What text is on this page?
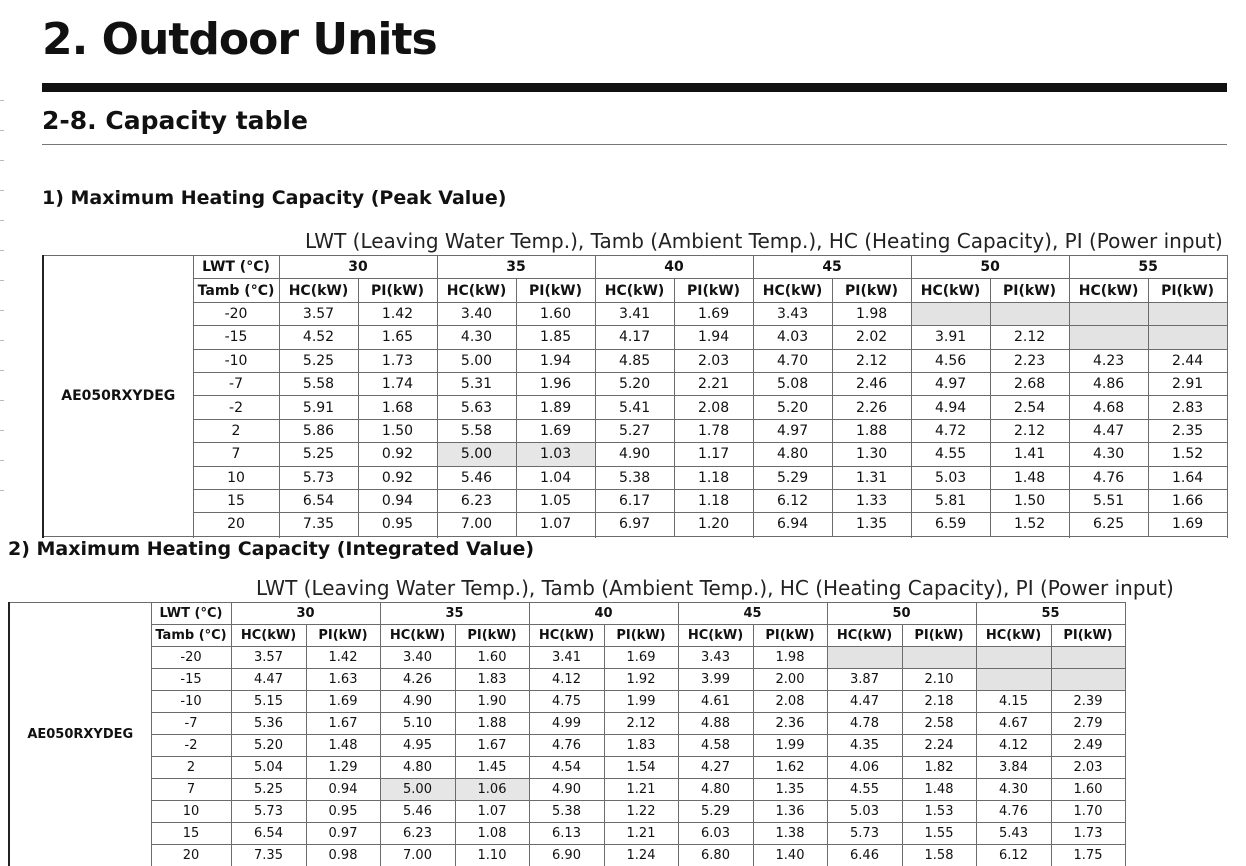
2. Outdoor Units
2-8. Capacity table
1) Maximum Heating Capacity (Peak Value)
LWT (Leaving Water Temp.), Tamb (Ambient Temp.), HC (Heating Capacity), PI (Power input)
AE050RXYDEG	LWT (°C)	30		35		40		45		50		55	
	Tamb (°C)	HC(kW)	PI(kW)	HC(kW)	PI(kW)	HC(kW)	PI(kW)	HC(kW)	PI(kW)	HC(kW)	PI(kW)	HC(kW)	PI(kW)
	-20	3.57	1.42	3.40	1.60	3.41	1.69	3.43	1.98				
	-15	4.52	1.65	4.30	1.85	4.17	1.94	4.03	2.02	3.91	2.12		
	-10	5.25	1.73	5.00	1.94	4.85	2.03	4.70	2.12	4.56	2.23	4.23	2.44
	-7	5.58	1.74	5.31	1.96	5.20	2.21	5.08	2.46	4.97	2.68	4.86	2.91
	-2	5.91	1.68	5.63	1.89	5.41	2.08	5.20	2.26	4.94	2.54	4.68	2.83
	2	5.86	1.50	5.58	1.69	5.27	1.78	4.97	1.88	4.72	2.12	4.47	2.35
	7	5.25	0.92	5.00	1.03	4.90	1.17	4.80	1.30	4.55	1.41	4.30	1.52
	10	5.73	0.92	5.46	1.04	5.38	1.18	5.29	1.31	5.03	1.48	4.76	1.64
	15	6.54	0.94	6.23	1.05	6.17	1.18	6.12	1.33	5.81	1.50	5.51	1.66
	20	7.35	0.95	7.00	1.07	6.97	1.20	6.94	1.35	6.59	1.52	6.25	1.69

2) Maximum Heating Capacity (Integrated Value)
LWT (Leaving Water Temp.), Tamb (Ambient Temp.), HC (Heating Capacity), PI (Power input)
AE050RXYDEG	LWT (°C)	30		35		40		45		50		55	
	Tamb (°C)	HC(kW)	PI(kW)	HC(kW)	PI(kW)	HC(kW)	PI(kW)	HC(kW)	PI(kW)	HC(kW)	PI(kW)	HC(kW)	PI(kW)
	-20	3.57	1.42	3.40	1.60	3.41	1.69	3.43	1.98				
	-15	4.47	1.63	4.26	1.83	4.12	1.92	3.99	2.00	3.87	2.10		
	-10	5.15	1.69	4.90	1.90	4.75	1.99	4.61	2.08	4.47	2.18	4.15	2.39
	-7	5.36	1.67	5.10	1.88	4.99	2.12	4.88	2.36	4.78	2.58	4.67	2.79
	-2	5.20	1.48	4.95	1.67	4.76	1.83	4.58	1.99	4.35	2.24	4.12	2.49
	2	5.04	1.29	4.80	1.45	4.54	1.54	4.27	1.62	4.06	1.82	3.84	2.03
	7	5.25	0.94	5.00	1.06	4.90	1.21	4.80	1.35	4.55	1.48	4.30	1.60
	10	5.73	0.95	5.46	1.07	5.38	1.22	5.29	1.36	5.03	1.53	4.76	1.70
	15	6.54	0.97	6.23	1.08	6.13	1.21	6.03	1.38	5.73	1.55	5.43	1.73
	20	7.35	0.98	7.00	1.10	6.90	1.24	6.80	1.40	6.46	1.58	6.12	1.75
